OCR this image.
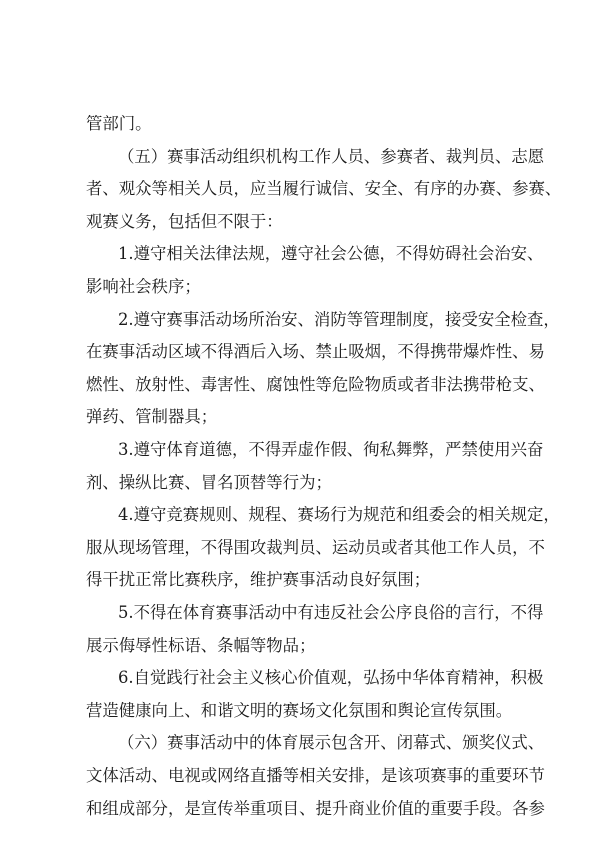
管部门。
（五）赛事活动组织机构工作人员、参赛者、裁判员、志愿
者、观众等相关人员，应当履行诚信、安全、有序的办赛、参赛、
观赛义务，包括但不限于：
1.遵守相关法律法规，遵守社会公德，不得妨碍社会治安、
影响社会秩序；
2.遵守赛事活动场所治安、消防等管理制度，接受安全检查，
在赛事活动区域不得酒后入场、禁止吸烟，不得携带爆炸性、易
燃性、放射性、毒害性、腐蚀性等危险物质或者非法携带枪支、
弹药、管制器具；
3.遵守体育道德，不得弄虚作假、徇私舞弊，严禁使用兴奋
剂、操纵比赛、冒名顶替等行为；
4.遵守竞赛规则、规程、赛场行为规范和组委会的相关规定，
服从现场管理，不得围攻裁判员、运动员或者其他工作人员，不
得干扰正常比赛秩序，维护赛事活动良好氛围；
5.不得在体育赛事活动中有违反社会公序良俗的言行，不得
展示侮辱性标语、条幅等物品；
6.自觉践行社会主义核心价值观，弘扬中华体育精神，积极
营造健康向上、和谐文明的赛场文化氛围和舆论宣传氛围。
（六）赛事活动中的体育展示包含开、闭幕式、颁奖仪式、
文体活动、电视或网络直播等相关安排，是该项赛事的重要环节
和组成部分，是宣传举重项目、提升商业价值的重要手段。各参
